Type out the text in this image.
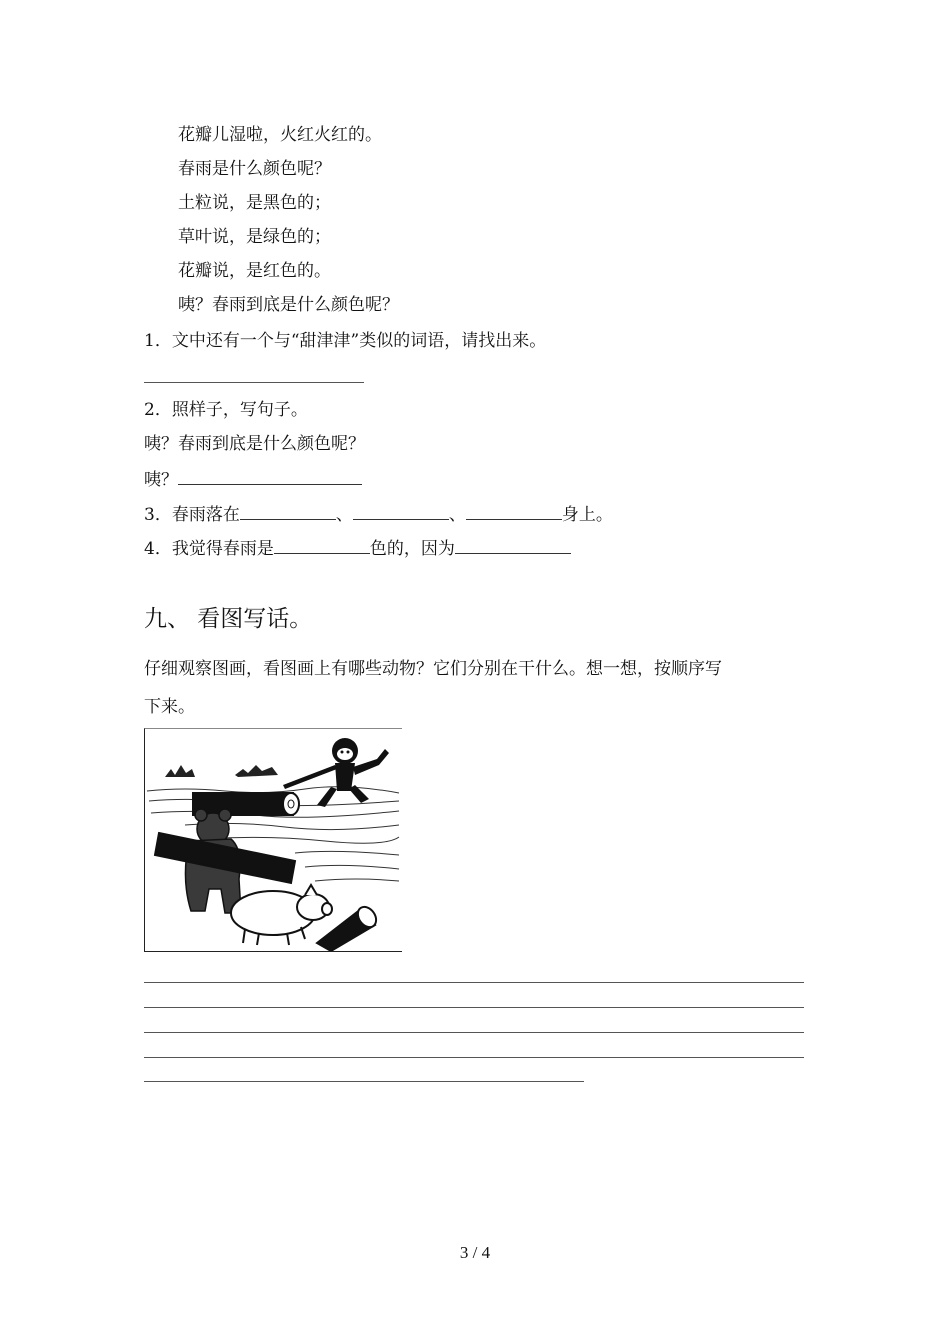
花瓣儿湿啦，火红火红的。
春雨是什么颜色呢？
土粒说，是黑色的；
草叶说，是绿色的；
花瓣说，是红色的。
咦？春雨到底是什么颜色呢？
1．文中还有一个与“甜津津”类似的词语，请找出来。
2．照样子，写句子。
咦？春雨到底是什么颜色呢？
咦？
3．春雨落在	、	、	身上。
4．我觉得春雨是	色的，因为
九、 看图写话。
仔细观察图画，看图画上有哪些动物？它们分别在干什么。想一想，按顺序写
下来。
3 / 4
